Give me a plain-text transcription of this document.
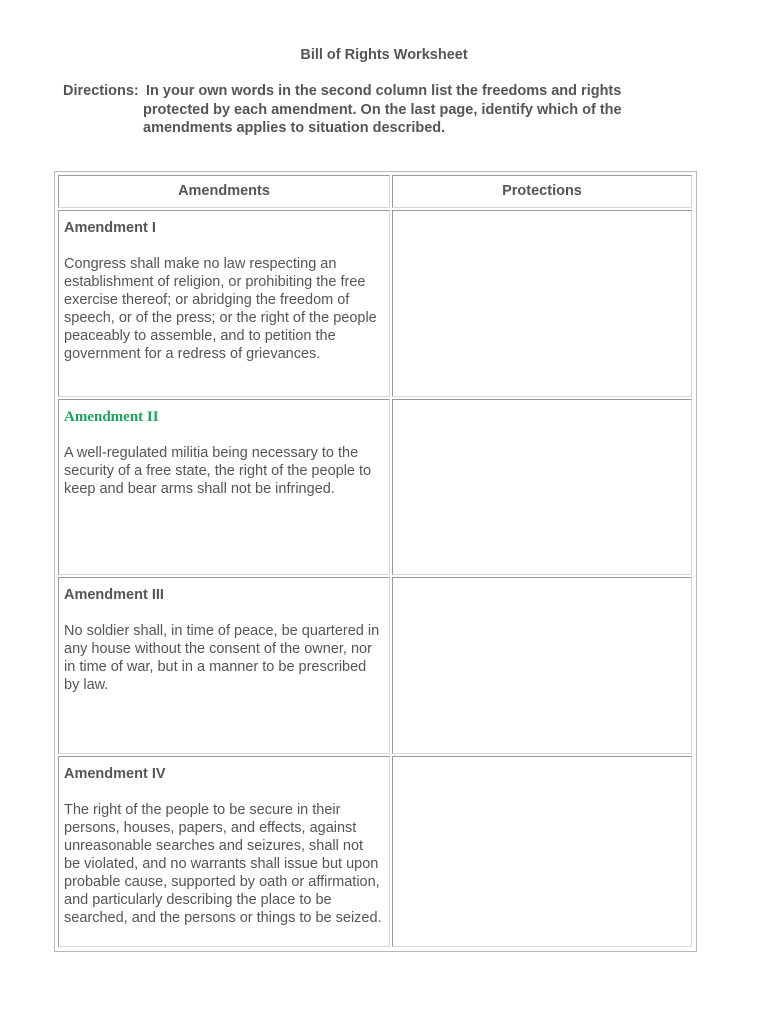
Bill of Rights Worksheet
Directions: In your own words in the second column list the freedoms and rights protected by each amendment. On the last page, identify which of the amendments applies to situation described.
Amendments	Protections
Amendment I
Congress shall make no law respecting an establishment of religion, or prohibiting the free exercise thereof; or abridging the freedom of speech, or of the press; or the right of the people peaceably to assemble, and to petition the government for a redress of grievances.
Amendment II
A well-regulated militia being necessary to the security of a free state, the right of the people to keep and bear arms shall not be infringed.
Amendment III
No soldier shall, in time of peace, be quartered in any house without the consent of the owner, nor in time of war, but in a manner to be prescribed by law.
Amendment IV
The right of the people to be secure in their persons, houses, papers, and effects, against unreasonable searches and seizures, shall not be violated, and no warrants shall issue but upon probable cause, supported by oath or affirmation, and particularly describing the place to be searched, and the persons or things to be seized.
